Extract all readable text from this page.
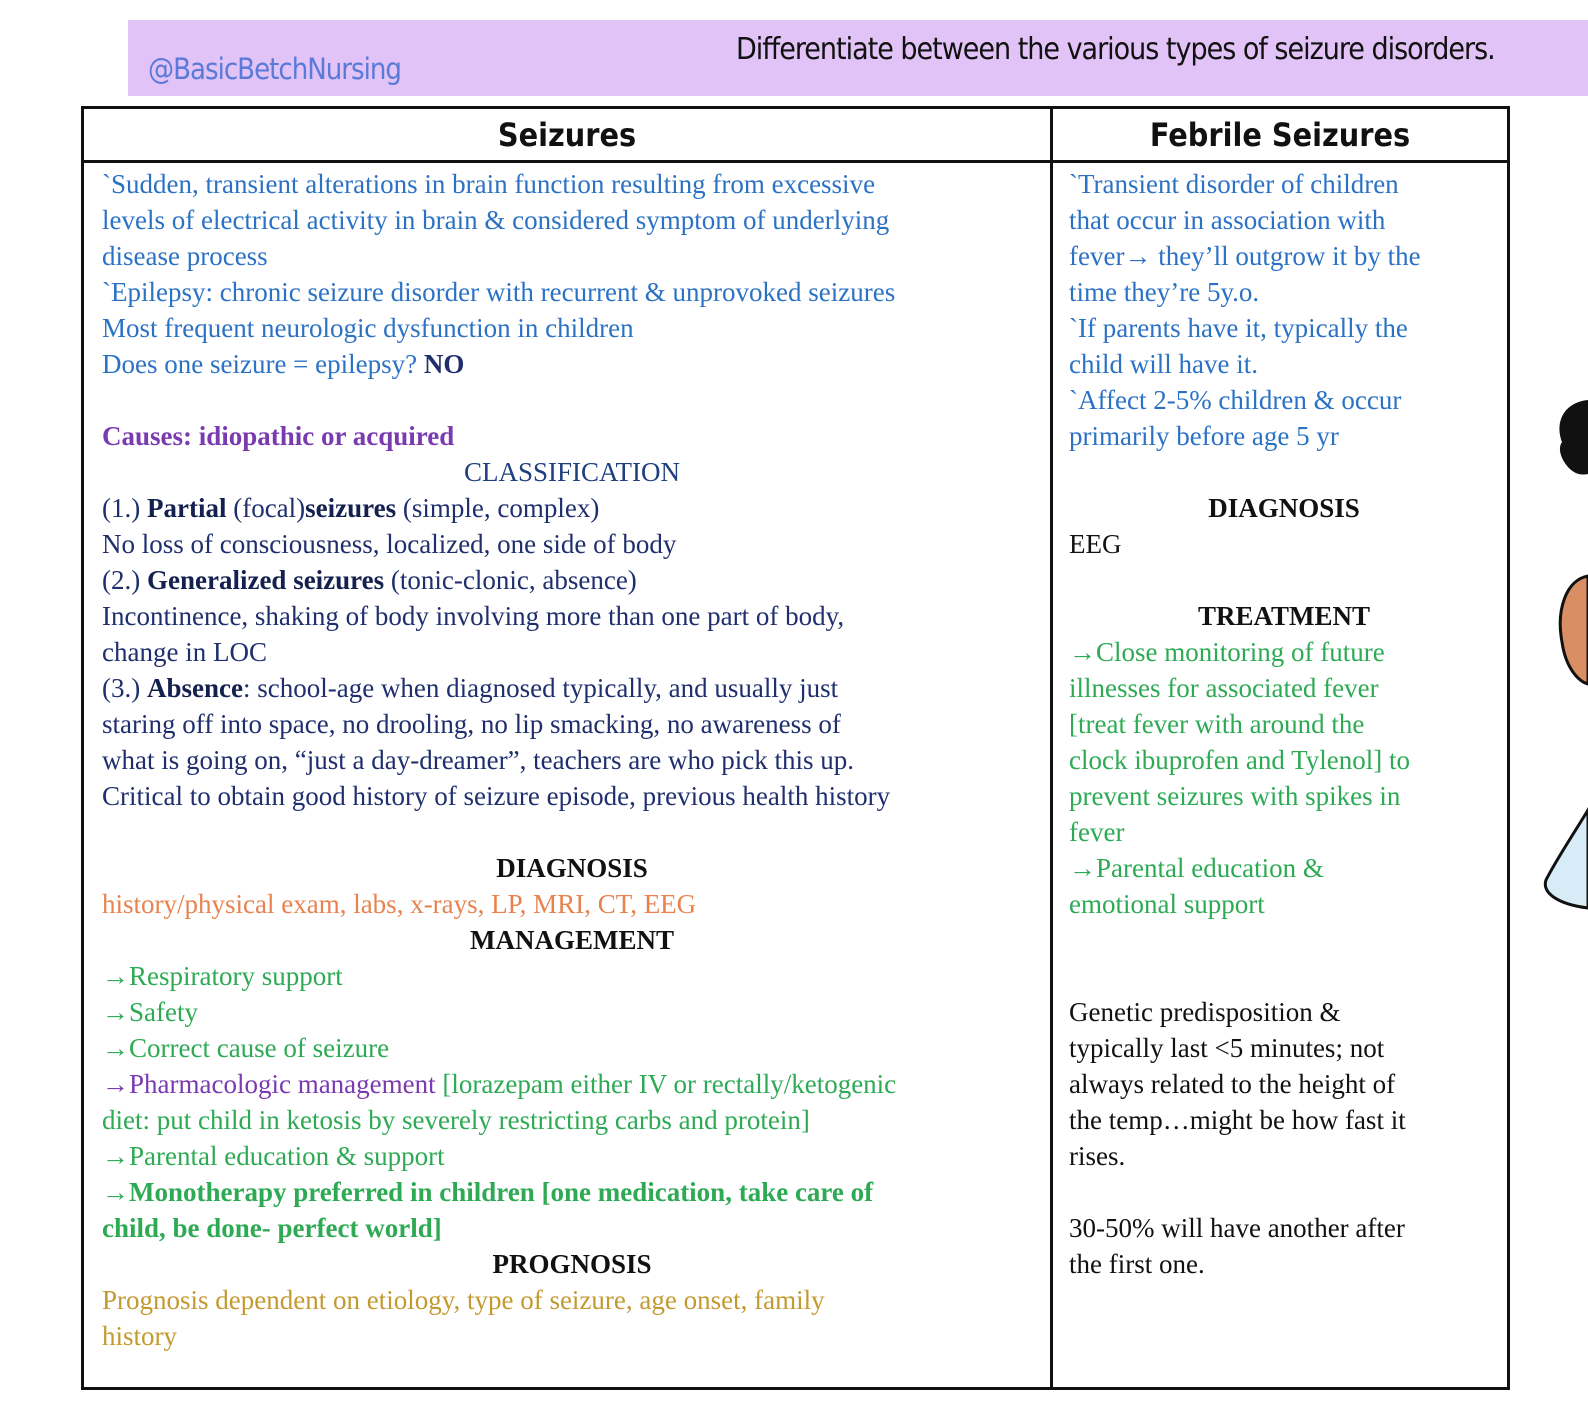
@BasicBetchNursing
Differentiate between the various types of seizure disorders.
Seizures	Febrile Seizures
`Sudden, transient alterations in brain function resulting from excessive
levels of electrical activity in brain & considered symptom of underlying
disease process
`Epilepsy: chronic seizure disorder with recurrent & unprovoked seizures
Most frequent neurologic dysfunction in children
Does one seizure = epilepsy? NO
Causes: idiopathic or acquired
CLASSIFICATION
(1.) Partial (focal)seizures (simple, complex)
No loss of consciousness, localized, one side of body
(2.) Generalized seizures (tonic-clonic, absence)
Incontinence, shaking of body involving more than one part of body,
change in LOC
(3.) Absence: school-age when diagnosed typically, and usually just
staring off into space, no drooling, no lip smacking, no awareness of
what is going on, “just a day-dreamer”, teachers are who pick this up.
Critical to obtain good history of seizure episode, previous health history
DIAGNOSIS
history/physical exam, labs, x-rays, LP, MRI, CT, EEG
MANAGEMENT
→Respiratory support
→Safety
→Correct cause of seizure
→Pharmacologic management [lorazepam either IV or rectally/ketogenic
diet: put child in ketosis by severely restricting carbs and protein]
→Parental education & support
→Monotherapy preferred in children [one medication, take care of
child, be done- perfect world]
PROGNOSIS
Prognosis dependent on etiology, type of seizure, age onset, family
history
`Transient disorder of children
that occur in association with
fever→ they’ll outgrow it by the
time they’re 5y.o.
`If parents have it, typically the
child will have it.
`Affect 2-5% children & occur
primarily before age 5 yr
DIAGNOSIS
EEG
TREATMENT
→Close monitoring of future
illnesses for associated fever
[treat fever with around the
clock ibuprofen and Tylenol] to
prevent seizures with spikes in
fever
→Parental education &
emotional support
Genetic predisposition &
typically last <5 minutes; not
always related to the height of
the temp…might be how fast it
rises.
30-50% will have another after
the first one.
